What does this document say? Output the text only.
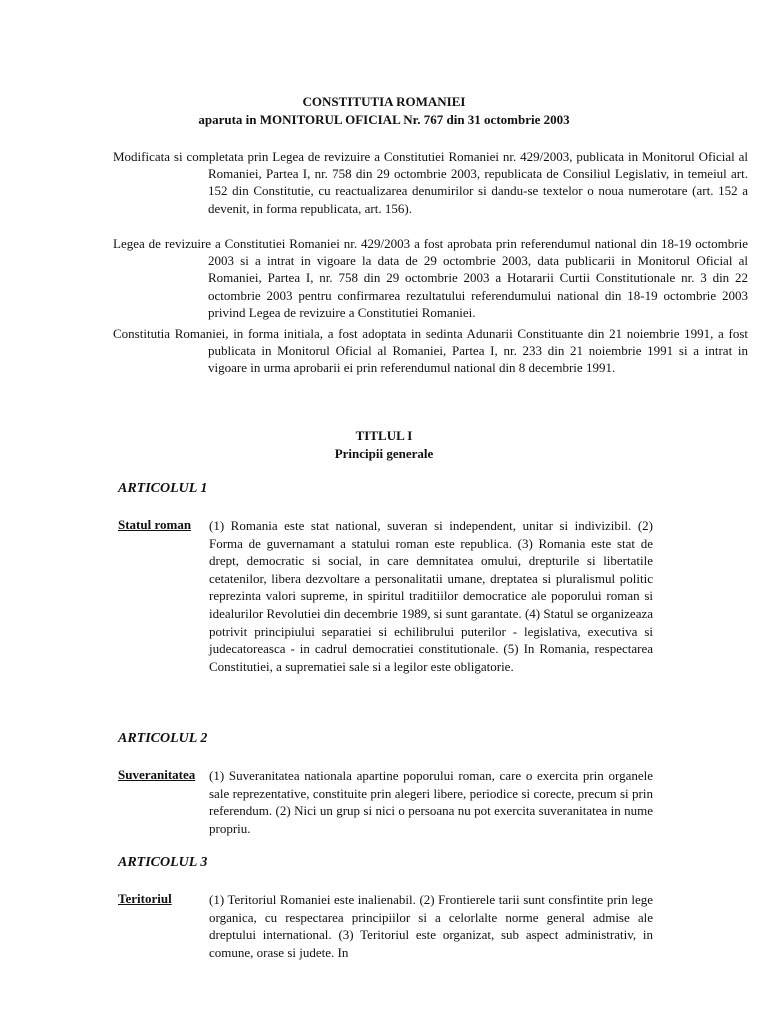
CONSTITUTIA ROMANIEI
aparuta in MONITORUL OFICIAL Nr. 767 din 31 octombrie 2003

Modificata si completata prin Legea de revizuire a Constitutiei Romaniei nr. 429/2003, publicata in Monitorul Oficial al Romaniei, Partea I, nr. 758 din 29 octombrie 2003, republicata de Consiliul Legislativ, in temeiul art. 152 din Constitutie, cu reactualizarea denumirilor si dandu-se textelor o noua numerotare (art. 152 a devenit, in forma republicata, art. 156).

Legea de revizuire a Constitutiei Romaniei nr. 429/2003 a fost aprobata prin referendumul national din 18-19 octombrie 2003 si a intrat in vigoare la data de 29 octombrie 2003, data publicarii in Monitorul Oficial al Romaniei, Partea I, nr. 758 din 29 octombrie 2003 a Hotararii Curtii Constitutionale nr. 3 din 22 octombrie 2003 pentru confirmarea rezultatului referendumului national din 18-19 octombrie 2003 privind Legea de revizuire a Constitutiei Romaniei.

Constitutia Romaniei, in forma initiala, a fost adoptata in sedinta Adunarii Constituante din 21 noiembrie 1991, a fost publicata in Monitorul Oficial al Romaniei, Partea I, nr. 233 din 21 noiembrie 1991 si a intrat in vigoare in urma aprobarii ei prin referendumul national din 8 decembrie 1991.

TITLUL I
Principii generale
ARTICOLUL 1
Statul roman (1) Romania este stat national, suveran si independent, unitar si indivizibil. (2) Forma de guvernamant a statului roman este republica. (3) Romania este stat de drept, democratic si social, in care demnitatea omului, drepturile si libertatile cetatenilor, libera dezvoltare a personalitatii umane, dreptatea si pluralismul politic reprezinta valori supreme, in spiritul traditiilor democratice ale poporului roman si idealurilor Revolutiei din decembrie 1989, si sunt garantate. (4) Statul se organizeaza potrivit principiului separatiei si echilibrului puterilor - legislativa, executiva si judecatoreasca - in cadrul democratiei constitutionale. (5) In Romania, respectarea Constitutiei, a suprematiei sale si a legilor este obligatorie.

ARTICOLUL 2
Suveranitatea (1) Suveranitatea nationala apartine poporului roman, care o exercita prin organele sale reprezentative, constituite prin alegeri libere, periodice si corecte, precum si prin referendum. (2) Nici un grup si nici o persoana nu pot exercita suveranitatea in nume propriu.

ARTICOLUL 3
Teritoriul	(1) Teritoriul Romaniei este inalienabil. (2) Frontierele tarii sunt consfintite prin lege organica, cu respectarea principiilor si a celorlalte norme general admise ale dreptului international. (3) Teritoriul este organizat, sub aspect administrativ, in comune, orase si judete. In
